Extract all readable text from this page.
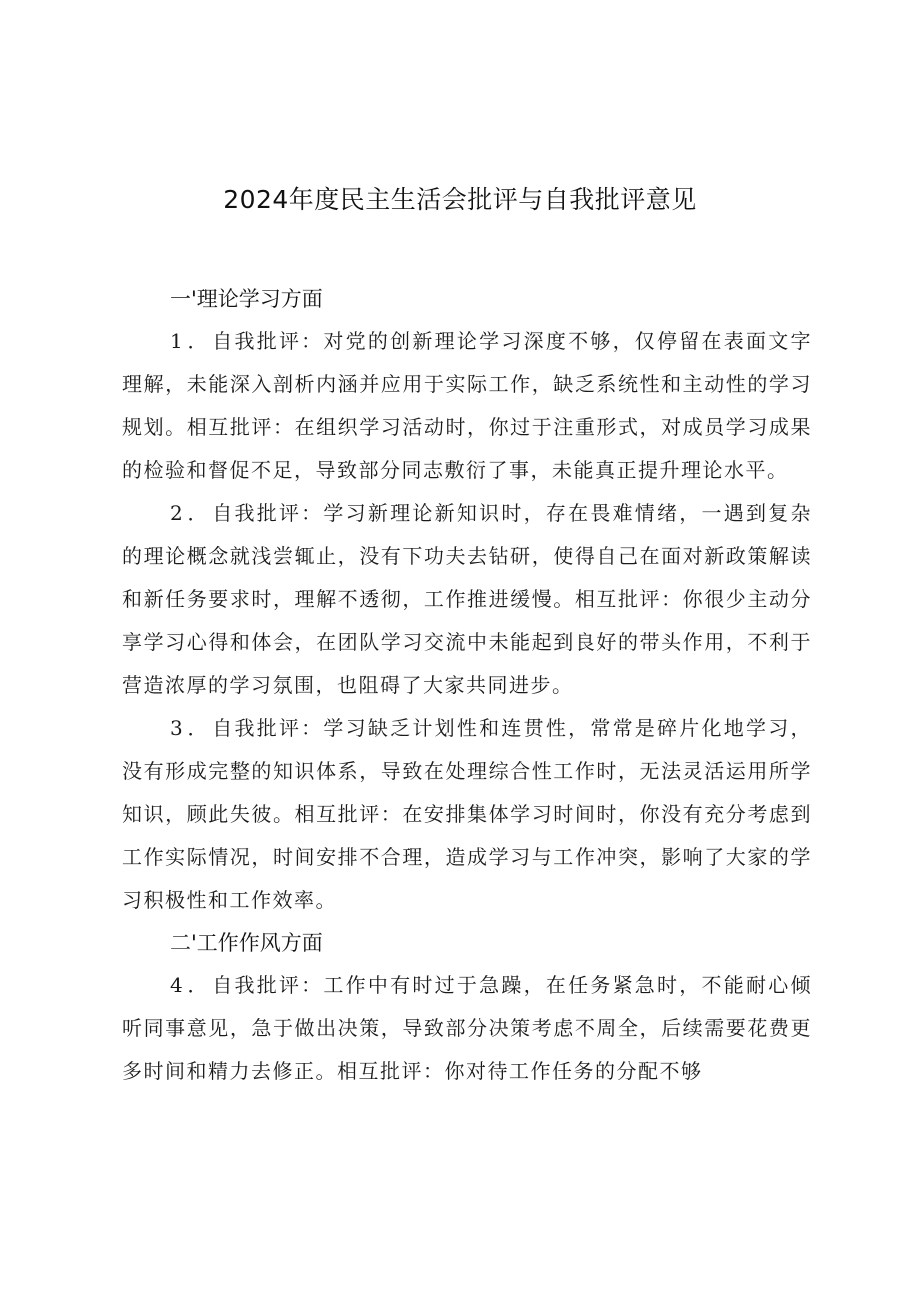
2024年度民主生活会批评与自我批评意见
一'理论学习方面

1．自我批评：对党的创新理论学习深度不够，仅停留在表面文字理解，未能深入剖析内涵并应用于实际工作，缺乏系统性和主动性的学习规划。相互批评：在组织学习活动时，你过于注重形式，对成员学习成果的检验和督促不足，导致部分同志敷衍了事，未能真正提升理论水平。

2．自我批评：学习新理论新知识时，存在畏难情绪，一遇到复杂的理论概念就浅尝辄止，没有下功夫去钻研，使得自己在面对新政策解读和新任务要求时，理解不透彻，工作推进缓慢。相互批评：你很少主动分享学习心得和体会，在团队学习交流中未能起到良好的带头作用，不利于营造浓厚的学习氛围，也阻碍了大家共同进步。

3．自我批评：学习缺乏计划性和连贯性，常常是碎片化地学习，没有形成完整的知识体系，导致在处理综合性工作时，无法灵活运用所学知识，顾此失彼。相互批评：在安排集体学习时间时，你没有充分考虑到工作实际情况，时间安排不合理，造成学习与工作冲突，影响了大家的学习积极性和工作效率。

二'工作作风方面

4．自我批评：工作中有时过于急躁，在任务紧急时，不能耐心倾听同事意见，急于做出决策，导致部分决策考虑不周全，后续需要花费更多时间和精力去修正。相互批评：你对待工作任务的分配不够
